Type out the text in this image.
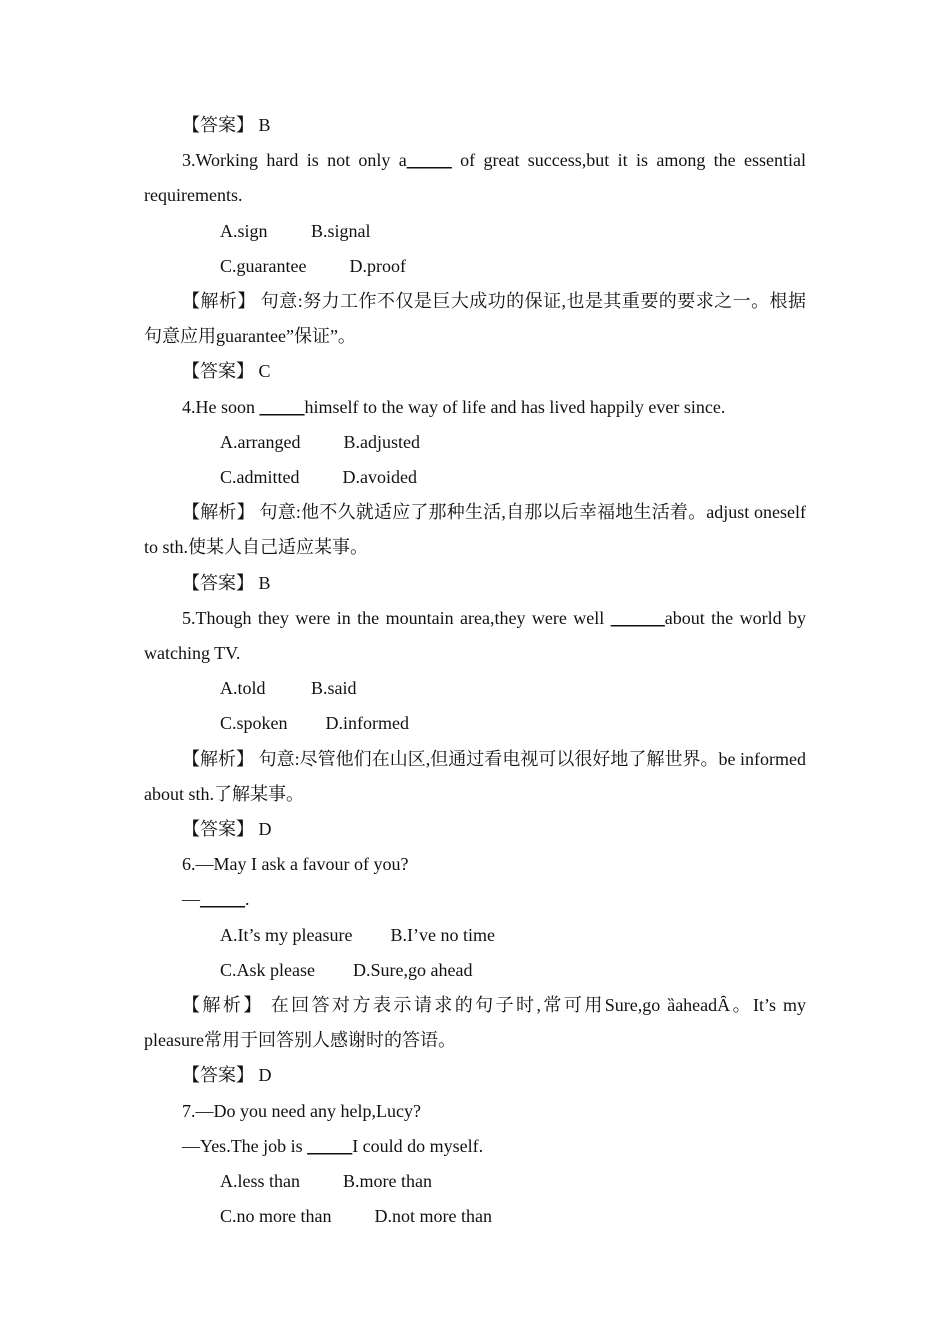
【答案】 B

3.Working hard is not only a_____ of great success,but it is among the essential requirements.

A.sign B.signal

C.guarantee D.proof

【解析】 句意:努力工作不仅是巨大成功的保证,也是其重要的要求之一。根据句意应用guarantee”保证”。

【答案】 C

4.He soon _____himself to the way of life and has lived happily ever since.

A.arranged B.adjusted

C.admitted D.avoided

【解析】 句意:他不久就适应了那种生活,自那以后幸福地生活着。adjust oneself to sth.使某人自己适应某事。

【答案】 B

5.Though they were in the mountain area,they were well ______about the world by watching TV.

A.told	B.said

C.spoken D.informed

【解析】 句意:尽管他们在山区,但通过看电视可以很好地了解世界。be informed about sth.了解某事。

【答案】 D

6.—May I ask a favour of you?

—_____.

A.It’s my pleasure B.I’ve no time

C.Ask please D.Sure,go ahead

【解析】 在回答对方表示请求的句子时,常可用Sure,go ȁaheadȂ。It’s my pleasure常用于回答别人感谢时的答语。

【答案】 D

7.—Do you need any help,Lucy?

—Yes.The job is _____I could do myself.

A.less than B.more than

C.no more than D.not more than
